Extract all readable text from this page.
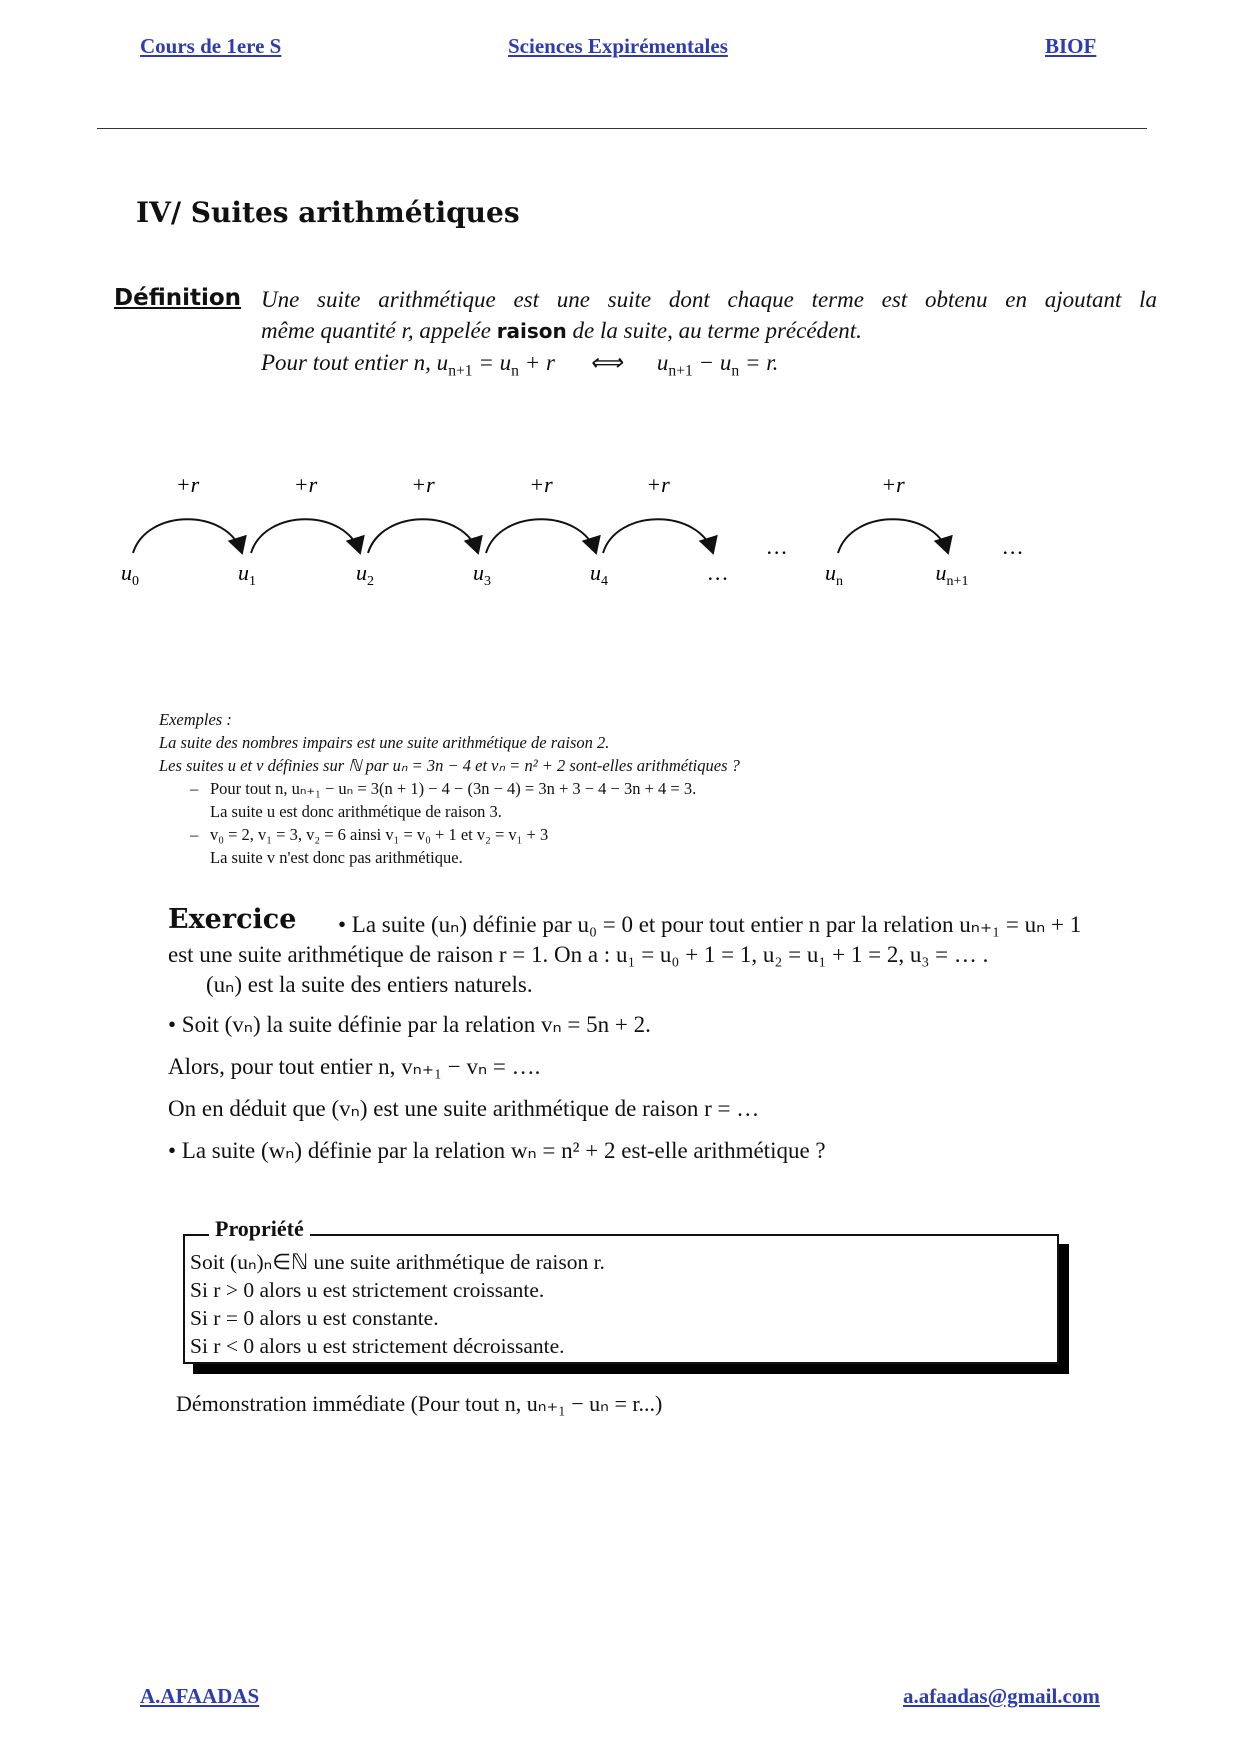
Cours de 1ere S	Sciences Expirémentales	BIOF
IV/ Suites arithmétiques
Définition Une suite arithmétique est une suite dont chaque terme est obtenu en ajoutant la
même quantité r, appelée raison de la suite, au terme précédent.
Pour tout entier n, $u_{n+1} = u_n + r$      ⟺      $u_{n+1} - u_n = r$.
+r	+r	+r	+r	+r	+r
$u_0$	$u_1$	$u_2$	$u_3$	$u_4$	…	$u_n$	$u_{n+1}$
…	…
Exemples :
La suite des nombres impairs est une suite arithmétique de raison 2.
Les suites u et v définies sur ℕ par uₙ = 3n − 4 et vₙ = n² + 2 sont-elles arithmétiques ?
– Pour tout n, uₙ₊₁ − uₙ = 3(n + 1) − 4 − (3n − 4) = 3n + 3 − 4 − 3n + 4 = 3.
La suite u est donc arithmétique de raison 3.
– v₀ = 2, v₁ = 3, v₂ = 6 ainsi v₁ = v₀ + 1 et v₂ = v₁ + 3
La suite v n'est donc pas arithmétique.
Exercice • La suite (uₙ) définie par u₀ = 0 et pour tout entier n par la relation uₙ₊₁ = uₙ + 1
est une suite arithmétique de raison r = 1. On a : u₁ = u₀ + 1 = 1, u₂ = u₁ + 1 = 2, u₃ = … .
(uₙ) est la suite des entiers naturels.
• Soit (vₙ) la suite définie par la relation vₙ = 5n + 2.
Alors, pour tout entier n, vₙ₊₁ − vₙ = ….
On en déduit que (vₙ) est une suite arithmétique de raison r = …
• La suite (wₙ) définie par la relation wₙ = n² + 2 est-elle arithmétique ?
Propriété
Soit (uₙ)ₙ∈ℕ une suite arithmétique de raison r.
Si r > 0 alors u est strictement croissante.
Si r = 0 alors u est constante.
Si r < 0 alors u est strictement décroissante.
Démonstration immédiate (Pour tout n, uₙ₊₁ − uₙ = r...)
A.AFAADAS	a.afaadas@gmail.com
